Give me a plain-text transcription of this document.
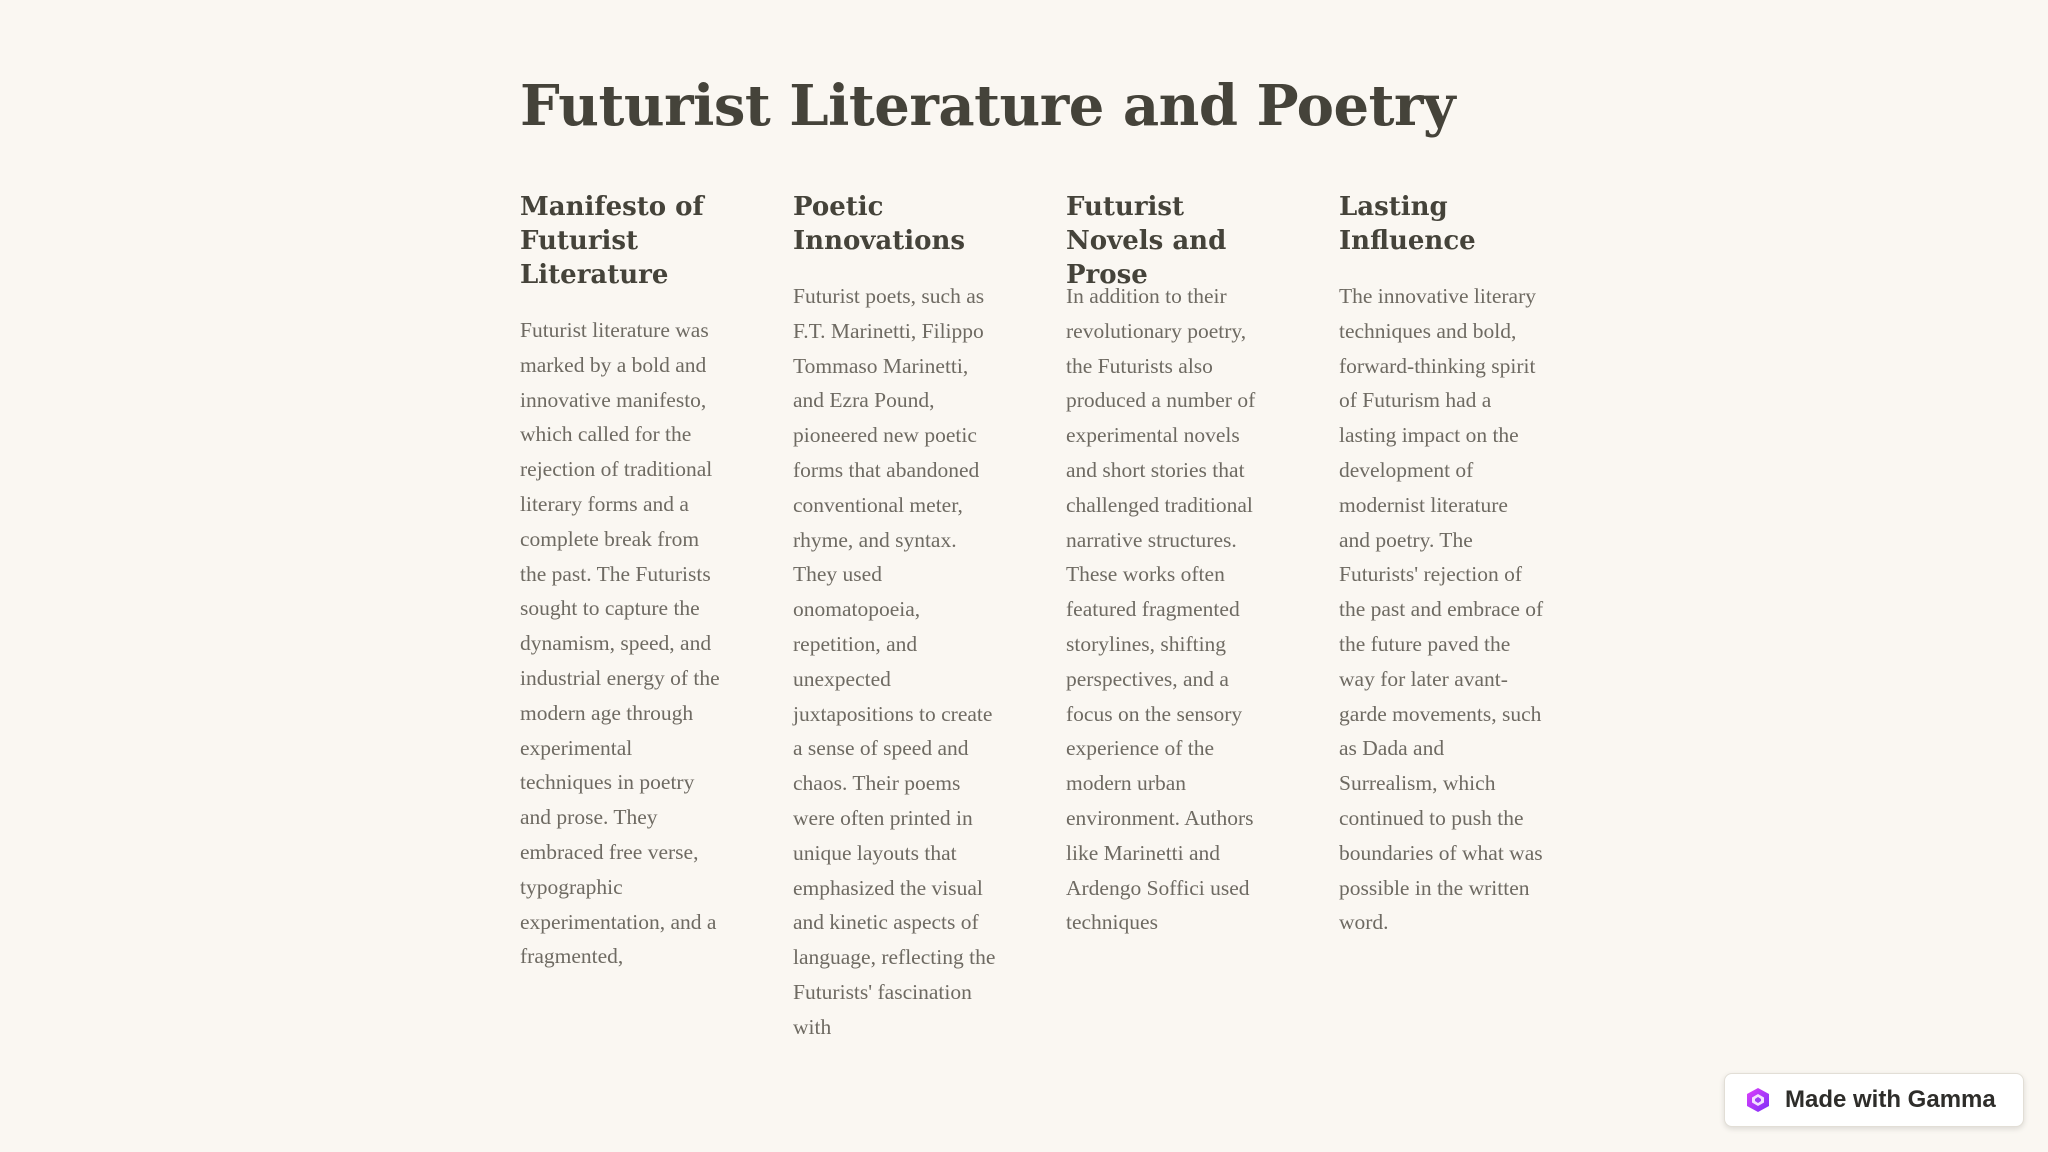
Futurist Literature and Poetry
Manifesto of Futurist Literature

Futurist literature was marked by a bold and innovative manifesto, which called for the rejection of traditional literary forms and a complete break from the past. The Futurists sought to capture the dynamism, speed, and industrial energy of the modern age through experimental techniques in poetry and prose. They embraced free verse, typographic experimentation, and a fragmented,

Poetic Innovations

Futurist poets, such as F.T. Marinetti, Filippo Tommaso Marinetti, and Ezra Pound, pioneered new poetic forms that abandoned conventional meter, rhyme, and syntax. They used onomatopoeia, repetition, and unexpected juxtapositions to create a sense of speed and chaos. Their poems were often printed in unique layouts that emphasized the visual and kinetic aspects of language, reflecting the Futurists' fascination with

Futurist Novels and Prose

In addition to their revolutionary poetry, the Futurists also produced a number of experimental novels and short stories that challenged traditional narrative structures. These works often featured fragmented storylines, shifting perspectives, and a focus on the sensory experience of the modern urban environment. Authors like Marinetti and Ardengo Soffici used techniques

Lasting Influence

The innovative literary techniques and bold, forward-thinking spirit of Futurism had a lasting impact on the development of modernist literature and poetry. The Futurists' rejection of the past and embrace of the future paved the way for later avant-garde movements, such as Dada and Surrealism, which continued to push the boundaries of what was possible in the written word.

Made with Gamma
